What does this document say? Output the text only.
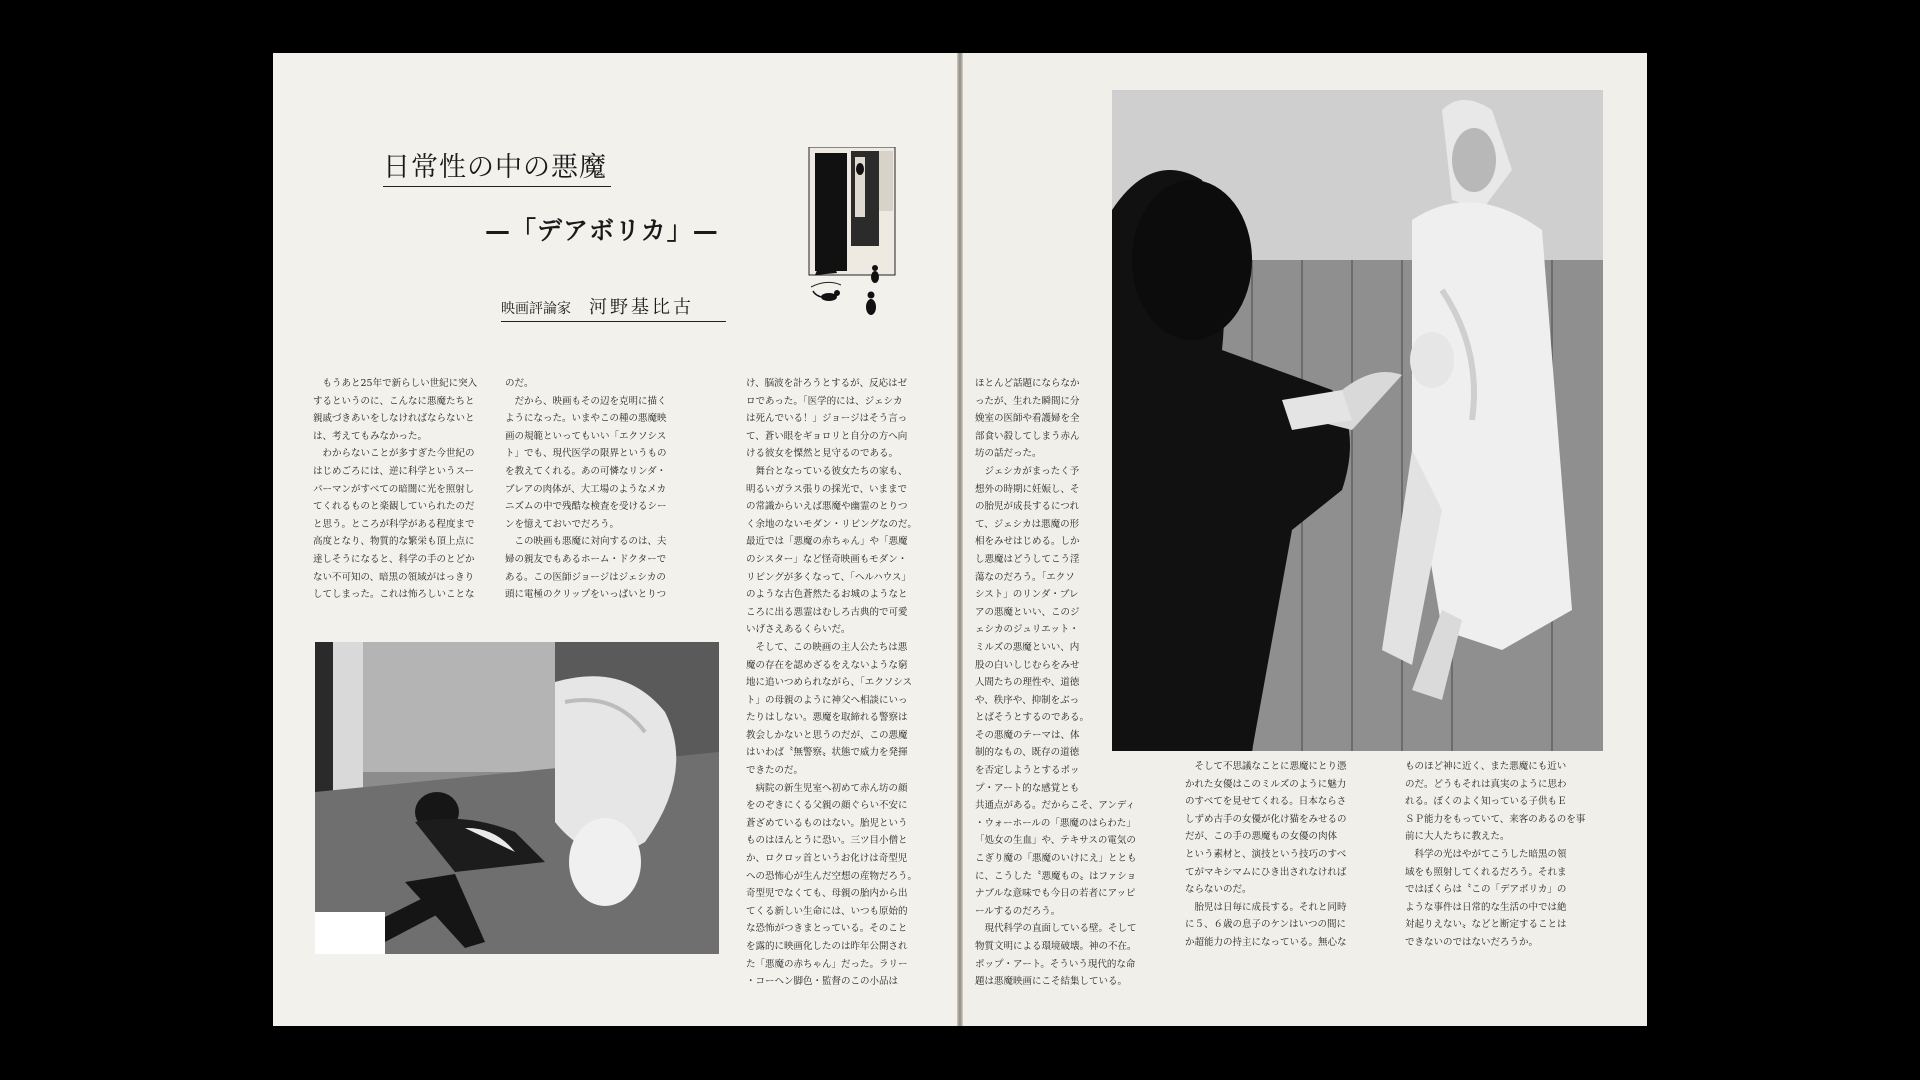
日常性の中の悪魔
—「デアボリカ」—
映画評論家 河野基比古
　もうあと25年で新らしい世紀に突入
するというのに、こんなに悪魔たちと
親戚づきあいをしなければならないと
は、考えてもみなかった。
　わからないことが多すぎた今世紀の
はじめごろには、逆に科学というスー
パーマンがすべての暗闇に光を照射し
てくれるものと楽観していられたのだ
と思う。ところが科学がある程度まで
高度となり、物質的な繁栄も頂上点に
達しそうになると、科学の手のとどか
ない不可知の、暗黒の領域がはっきり
してしまった。これは怖ろしいことな
のだ。
　だから、映画もその辺を克明に描く
ようになった。いまやこの種の悪魔映
画の規範といってもいい「エクソシス
ト」でも、現代医学の限界というもの
を教えてくれる。あの可憐なリンダ・
ブレアの肉体が、大工場のようなメカ
ニズムの中で残酷な検査を受けるシー
ンを憶えておいでだろう。
　この映画も悪魔に対向するのは、夫
婦の親友でもあるホーム・ドクターで
ある。この医師ジョージはジェシカの
頭に電極のクリップをいっぱいとりつ
け、脳波を計ろうとするが、反応はゼ
ロであった。「医学的には、ジェシカ
は死んでいる！」ジョージはそう言っ
て、蒼い眼をギョロリと自分の方へ向
ける彼女を慄然と見守るのである。
　舞台となっている彼女たちの家も、
明るいガラス張りの採光で、いままで
の常識からいえば悪魔や幽霊のとりつ
く余地のないモダン・リビングなのだ。
最近では「悪魔の赤ちゃん」や「悪魔
のシスター」など怪奇映画もモダン・
リビングが多くなって、「ヘルハウス」
のような古色蒼然たるお城のようなと
ころに出る悪霊はむしろ古典的で可愛
いげさえあるくらいだ。
　そして、この映画の主人公たちは悪
魔の存在を認めざるをえないような窮
地に追いつめられながら、「エクソシス
ト」の母親のように神父へ相談にいっ
たりはしない。悪魔を取締れる警察は
教会しかないと思うのだが、この悪魔
はいわば〝無警察〟状態で威力を発揮
できたのだ。
　病院の新生児室へ初めて赤ん坊の顔
をのぞきにくる父親の顔ぐらい不安に
蒼ざめているものはない。胎児という
ものはほんとうに恐い。三ツ目小僧と
か、ロクロッ首というお化けは奇型児
への恐怖心が生んだ空想の産物だろう。
奇型児でなくても、母親の胎内から出
てくる新しい生命には、いつも原始的
な恐怖がつきまとっている。そのこと
を露的に映画化したのは昨年公開され
た「悪魔の赤ちゃん」だった。ラリー
・コーヘン脚色・監督のこの小品は
ほとんど話題にならなか
ったが、生れた瞬間に分
娩室の医師や看護婦を全
部食い殺してしまう赤ん
坊の話だった。
　ジェシカがまったく予
想外の時期に妊娠し、そ
の胎児が成長するにつれ
て、ジェシカは悪魔の形
相をみせはじめる。しか
し悪魔はどうしてこう淫
蕩なのだろう。「エクソ
シスト」のリンダ・ブレ
アの悪魔といい、このジ
ェシカのジュリエット・
ミルズの悪魔といい、内
股の白いしじむらをみせ
人間たちの理性や、道徳
や、秩序や、抑制をぶっ
とばそうとするのである。
その悪魔のテーマは、体
制的なもの、既存の道徳
を否定しようとするポッ
プ・アート的な感覚とも
共通点がある。だからこそ、アンディ
・ウォーホールの「悪魔のはらわた」
「処女の生血」や、テキサスの電気の
こぎり魔の「悪魔のいけにえ」ととも
に、こうした〝悪魔もの〟はファショ
ナブルな意味でも今日の若者にアッピ
ールするのだろう。
　現代科学の直面している壁。そして
物質文明による環境破壊。神の不在。
ポップ・アート。そういう現代的な命
題は悪魔映画にこそ結集している。
　そして不思議なことに悪魔にとり憑
かれた女優はこのミルズのように魅力
のすべてを見せてくれる。日本ならさ
しずめ古手の女優が化け猫をみせるの
だが、この手の悪魔もの女優の肉体
という素材と、演技という技巧のすべ
てがマキシマムにひき出されなければ
ならないのだ。
　胎児は日毎に成長する。それと同時
に５、６歳の息子のケンはいつの間に
か超能力の持主になっている。無心な
ものほど神に近く、また悪魔にも近い
のだ。どうもそれは真実のように思わ
れる。ぼくのよく知っている子供もＥ
ＳＰ能力をもっていて、来客のあるのを事
前に大人たちに教えた。
　科学の光はやがてこうした暗黒の領
域をも照射してくれるだろう。それま
ではぼくらは〝この「デアボリカ」の
ような事件は日常的な生活の中では絶
対起りえない〟などと断定することは
できないのではないだろうか。
